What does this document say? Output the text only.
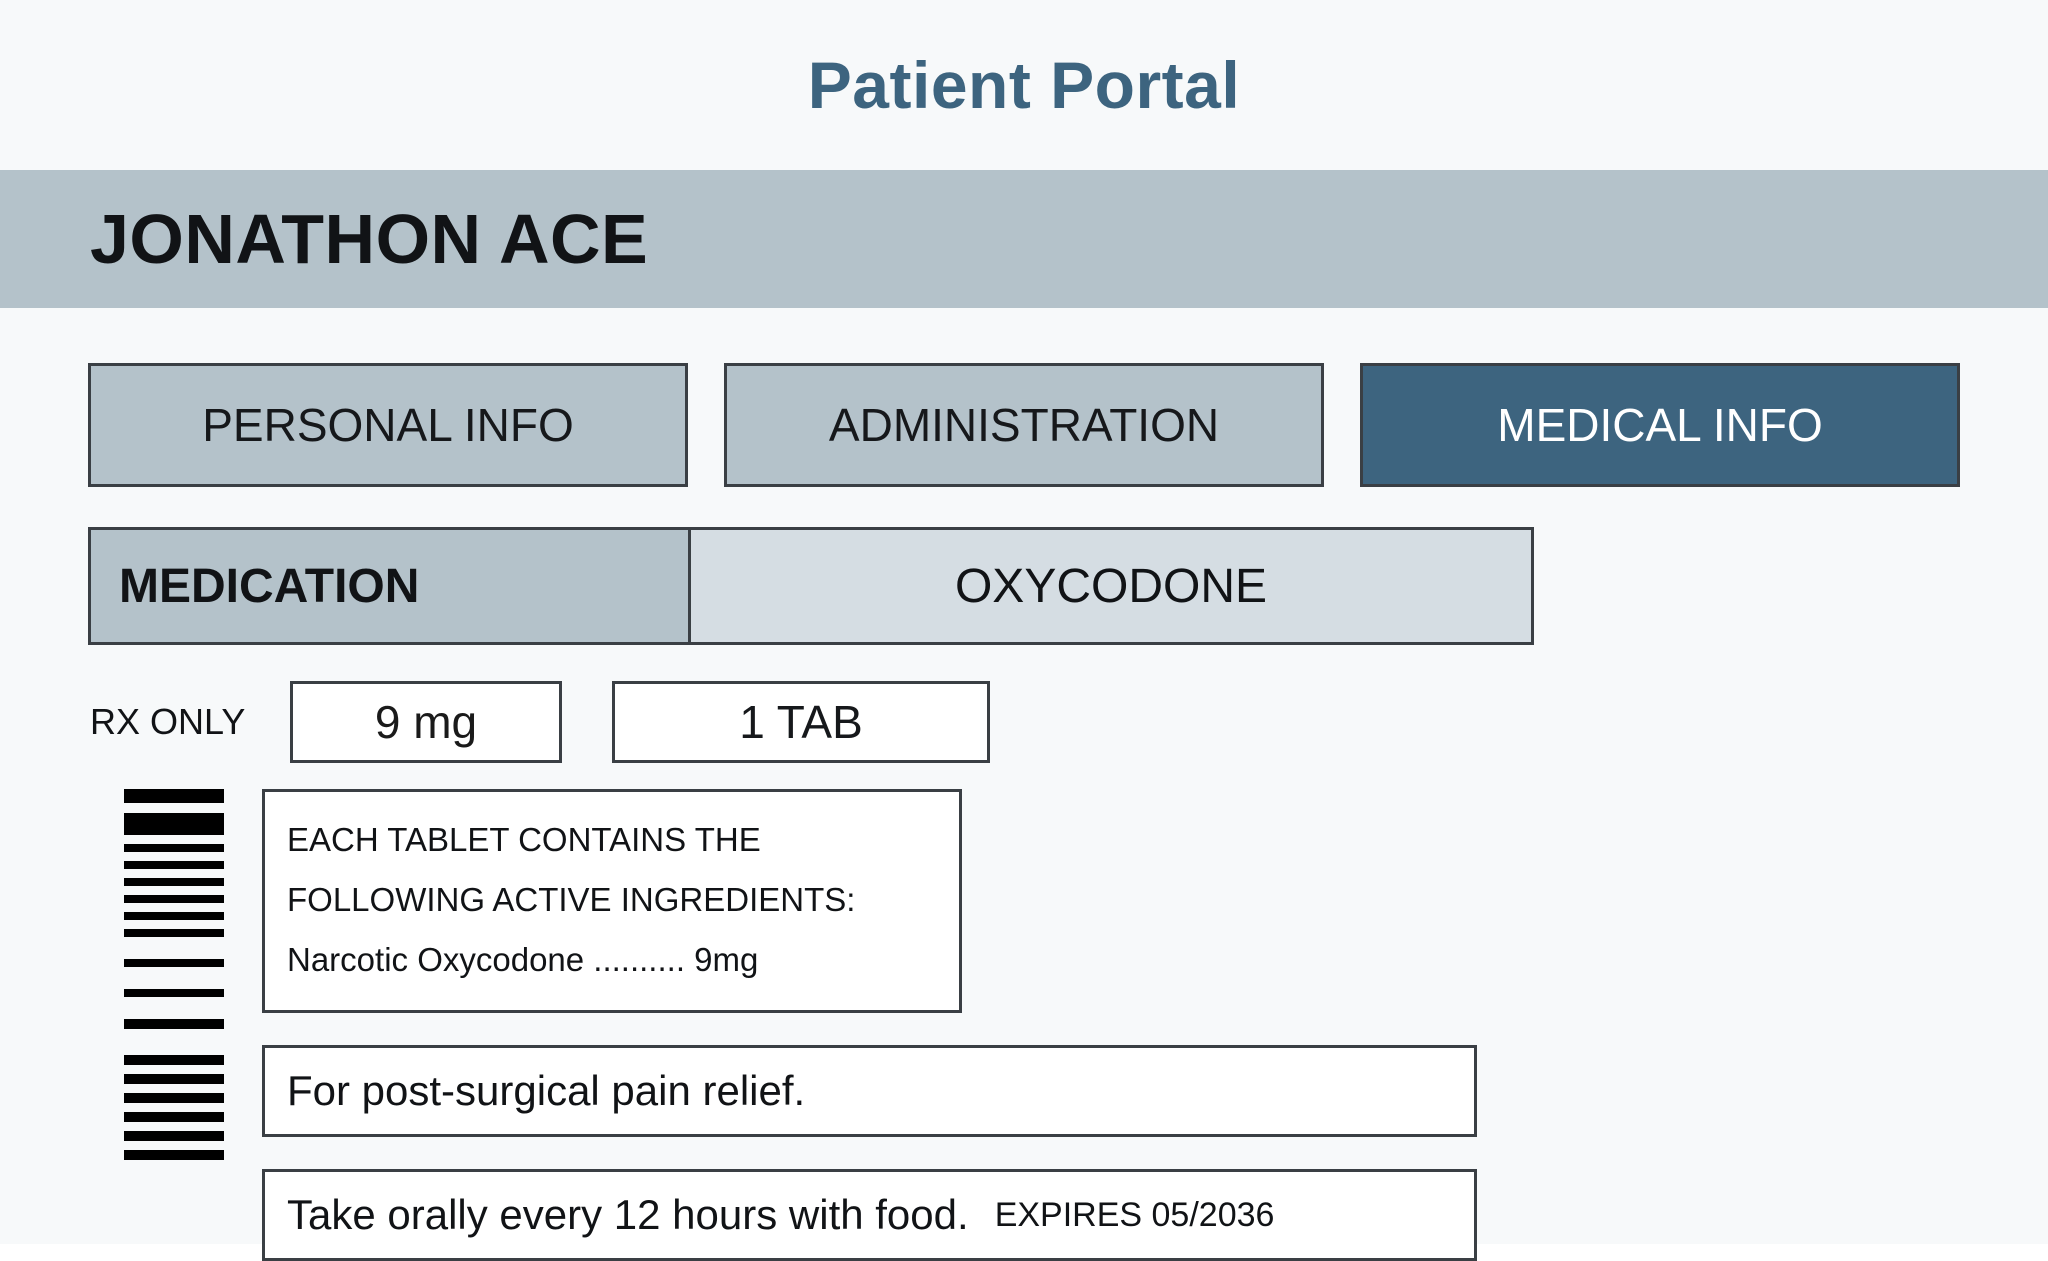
Patient Portal
JONATHON ACE
PERSONAL INFO	ADMINISTRATION	MEDICAL INFO
MEDICATION	OXYCODONE
RX ONLY	9 mg	1 TAB
EACH TABLET CONTAINS THE
FOLLOWING ACTIVE INGREDIENTS:
Narcotic Oxycodone .......... 9mg
For post-surgical pain relief.
Take orally every 12 hours with food. EXPIRES 05/2036
